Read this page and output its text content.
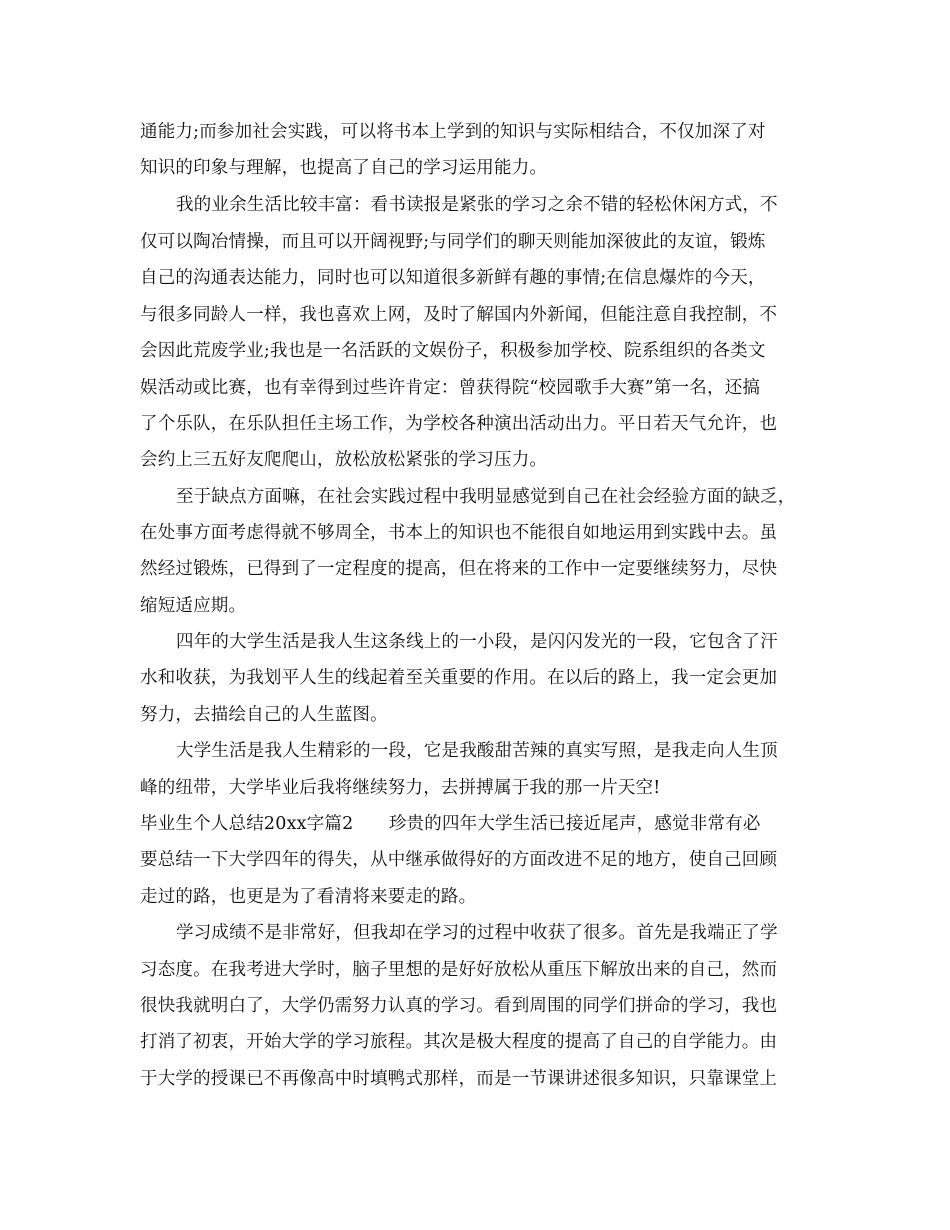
通能力;而参加社会实践，可以将书本上学到的知识与实际相结合，不仅加深了对
知识的印象与理解，也提高了自己的学习运用能力。
我的业余生活比较丰富：看书读报是紧张的学习之余不错的轻松休闲方式，不
仅可以陶冶情操，而且可以开阔视野;与同学们的聊天则能加深彼此的友谊，锻炼
自己的沟通表达能力，同时也可以知道很多新鲜有趣的事情;在信息爆炸的今天，
与很多同龄人一样，我也喜欢上网，及时了解国内外新闻，但能注意自我控制，不
会因此荒废学业;我也是一名活跃的文娱份子，积极参加学校、院系组织的各类文
娱活动或比赛，也有幸得到过些许肯定：曾获得院“校园歌手大赛”第一名，还搞
了个乐队，在乐队担任主场工作，为学校各种演出活动出力。平日若天气允许，也
会约上三五好友爬爬山，放松放松紧张的学习压力。
至于缺点方面嘛，在社会实践过程中我明显感觉到自己在社会经验方面的缺乏，
在处事方面考虑得就不够周全，书本上的知识也不能很自如地运用到实践中去。虽
然经过锻炼，已得到了一定程度的提高，但在将来的工作中一定要继续努力，尽快
缩短适应期。
四年的大学生活是我人生这条线上的一小段，是闪闪发光的一段，它包含了汗
水和收获，为我划平人生的线起着至关重要的作用。在以后的路上，我一定会更加
努力，去描绘自己的人生蓝图。
大学生活是我人生精彩的一段，它是我酸甜苦辣的真实写照，是我走向人生顶
峰的纽带，大学毕业后我将继续努力，去拼搏属于我的那一片天空!
毕业生个人总结20xx字篇2　　珍贵的四年大学生活已接近尾声，感觉非常有必
要总结一下大学四年的得失，从中继承做得好的方面改进不足的地方，使自己回顾
走过的路，也更是为了看清将来要走的路。
学习成绩不是非常好，但我却在学习的过程中收获了很多。首先是我端正了学
习态度。在我考进大学时，脑子里想的是好好放松从重压下解放出来的自己，然而
很快我就明白了，大学仍需努力认真的学习。看到周围的同学们拼命的学习，我也
打消了初衷，开始大学的学习旅程。其次是极大程度的提高了自己的自学能力。由
于大学的授课已不再像高中时填鸭式那样，而是一节课讲述很多知识，只靠课堂上
